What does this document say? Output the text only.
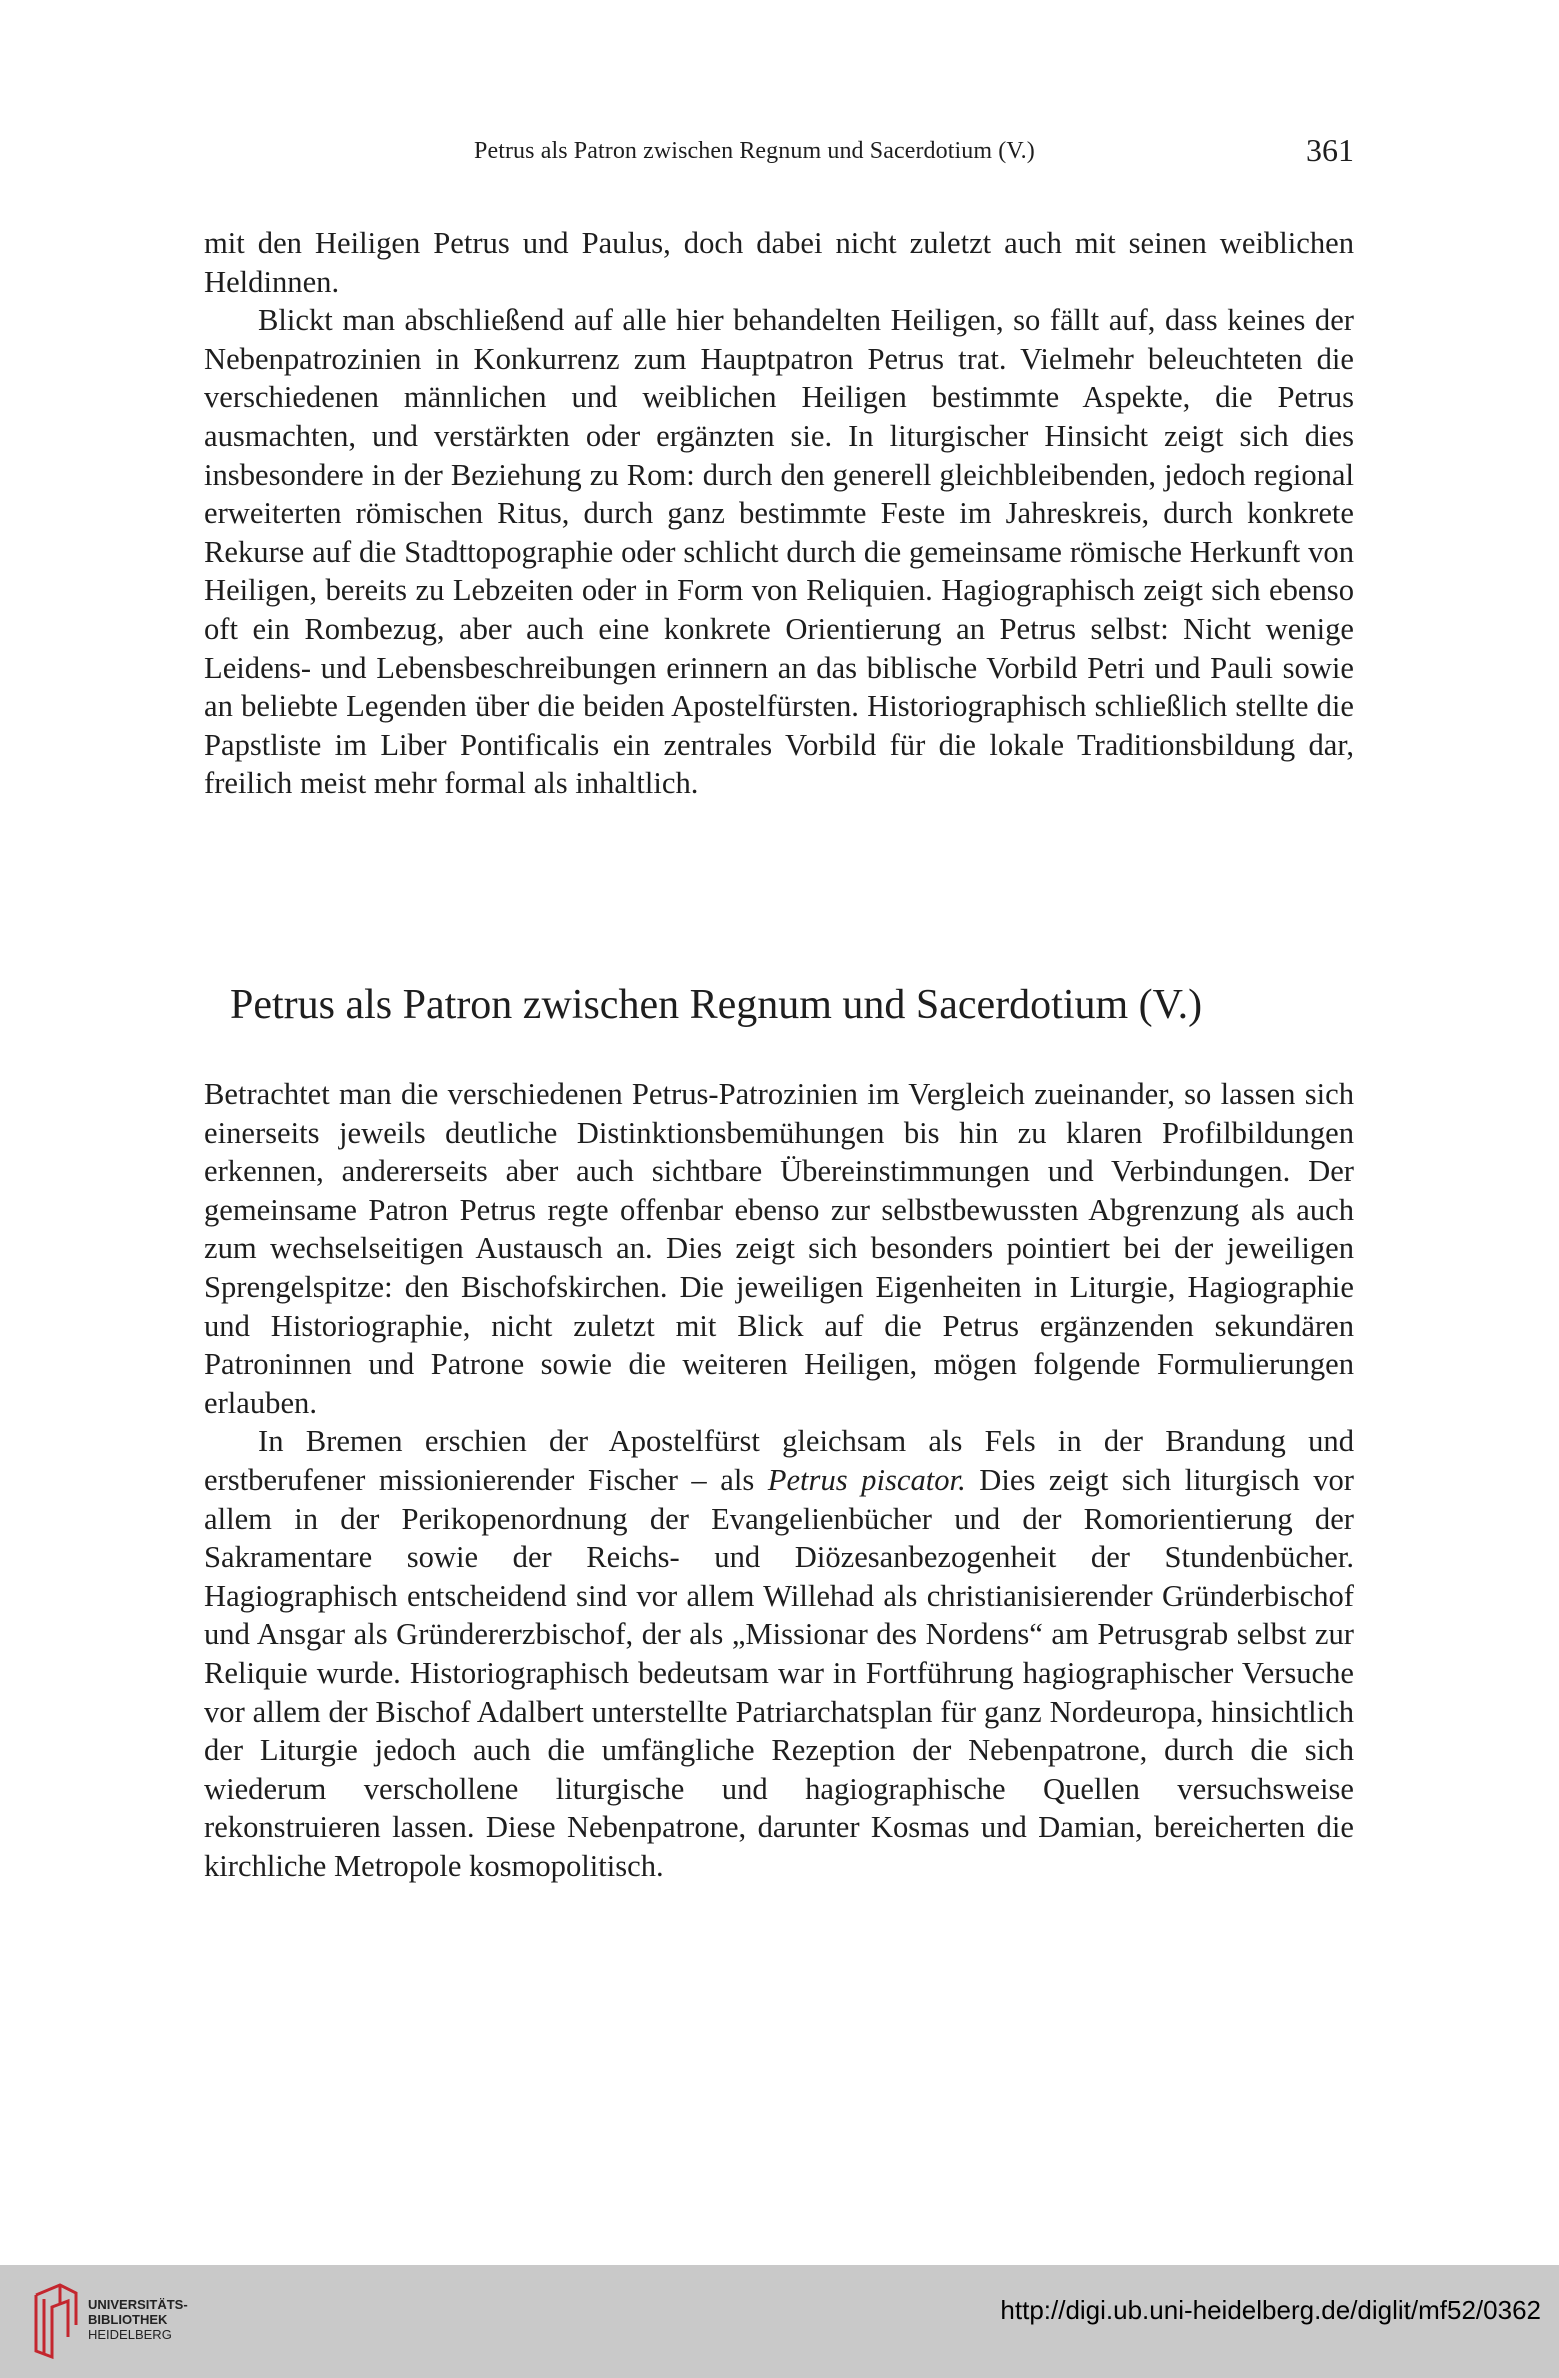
Petrus als Patron zwischen Regnum und Sacerdotium (V.)	361

mit den Heiligen Petrus und Paulus, doch dabei nicht zuletzt auch mit seinen weiblichen Heldinnen.

Blickt man abschließend auf alle hier behandelten Heiligen, so fällt auf, dass keines der Nebenpatrozinien in Konkurrenz zum Hauptpatron Petrus trat. Vielmehr beleuchteten die verschiedenen männlichen und weiblichen Heiligen bestimmte Aspekte, die Petrus ausmachten, und verstärkten oder ergänzten sie. In liturgischer Hinsicht zeigt sich dies insbesondere in der Beziehung zu Rom: durch den generell gleichbleibenden, jedoch regional erweiterten römischen Ritus, durch ganz bestimmte Feste im Jahreskreis, durch konkrete Rekurse auf die Stadttopographie oder schlicht durch die gemeinsame römische Herkunft von Heiligen, bereits zu Lebzeiten oder in Form von Reliquien. Hagiographisch zeigt sich ebenso oft ein Rombezug, aber auch eine konkrete Orientierung an Petrus selbst: Nicht wenige Leidens- und Lebensbeschreibungen erinnern an das biblische Vorbild Petri und Pauli sowie an beliebte Legenden über die beiden Apostelfürsten. Historiographisch schließlich stellte die Papstliste im Liber Pontificalis ein zentrales Vorbild für die lokale Traditionsbildung dar, freilich meist mehr formal als inhaltlich.

Petrus als Patron zwischen Regnum und Sacerdotium (V.)

Betrachtet man die verschiedenen Petrus-Patrozinien im Vergleich zueinander, so lassen sich einerseits jeweils deutliche Distinktionsbemühungen bis hin zu klaren Profilbildungen erkennen, andererseits aber auch sichtbare Übereinstimmungen und Verbindungen. Der gemeinsame Patron Petrus regte offenbar ebenso zur selbstbewussten Abgrenzung als auch zum wechselseitigen Austausch an. Dies zeigt sich besonders pointiert bei der jeweiligen Sprengelspitze: den Bischofskirchen. Die jeweiligen Eigenheiten in Liturgie, Hagiographie und Historiographie, nicht zuletzt mit Blick auf die Petrus ergänzenden sekundären Patroninnen und Patrone sowie die weiteren Heiligen, mögen folgende Formulierungen erlauben.

In Bremen erschien der Apostelfürst gleichsam als Fels in der Brandung und erstberufener missionierender Fischer – als Petrus piscator. Dies zeigt sich liturgisch vor allem in der Perikopenordnung der Evangelienbücher und der Romorientierung der Sakramentare sowie der Reichs- und Diözesanbezogenheit der Stundenbücher. Hagiographisch entscheidend sind vor allem Willehad als christianisierender Gründerbischof und Ansgar als Gründererzbischof, der als „Missionar des Nordens“ am Petrusgrab selbst zur Reliquie wurde. Historiographisch bedeutsam war in Fortführung hagiographischer Versuche vor allem der Bischof Adalbert unterstellte Patriarchatsplan für ganz Nordeuropa, hinsichtlich der Liturgie jedoch auch die umfängliche Rezeption der Nebenpatrone, durch die sich wiederum verschollene liturgische und hagiographische Quellen versuchsweise rekonstruieren lassen. Diese Nebenpatrone, darunter Kosmas und Damian, bereicherten die kirchliche Metropole kosmopolitisch.

UNIVERSITÄTS-
BIBLIOTHEK
HEIDELBERG
http://digi.ub.uni-heidelberg.de/diglit/mf52/0362
